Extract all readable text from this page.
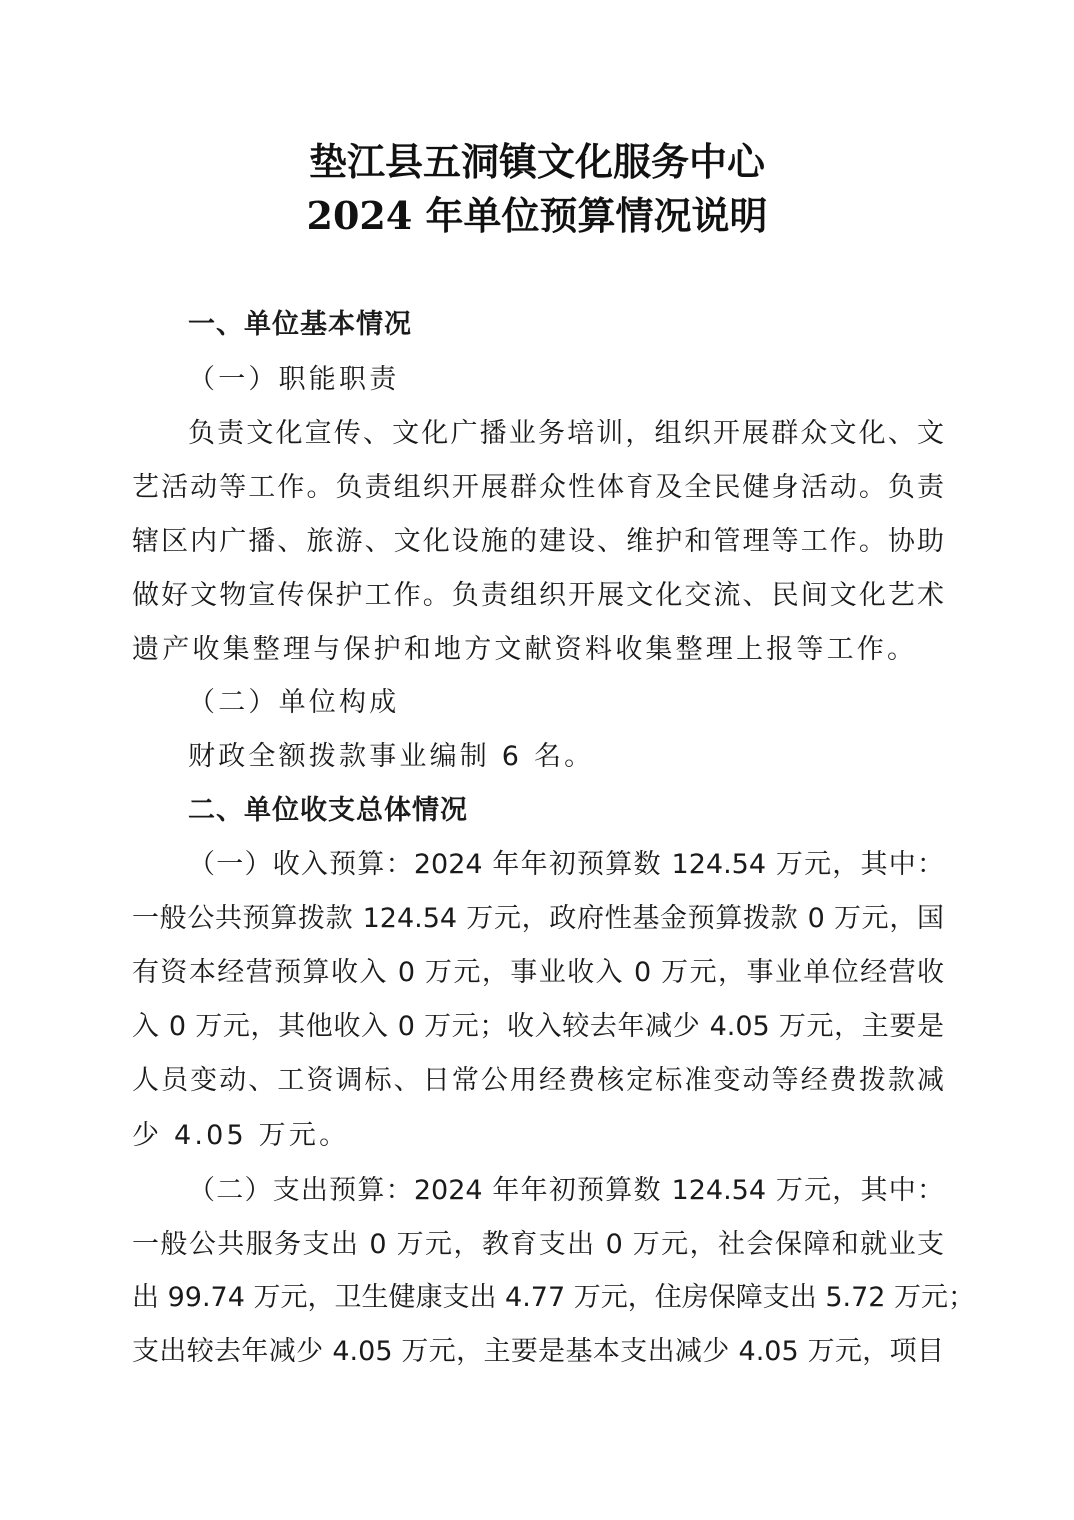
垫江县五洞镇文化服务中心
2024 年单位预算情况说明
一、单位基本情况
（一）职能职责
负责文化宣传、文化广播业务培训，组织开展群众文化、文
艺活动等工作。负责组织开展群众性体育及全民健身活动。负责
辖区内广播、旅游、文化设施的建设、维护和管理等工作。协助
做好文物宣传保护工作。负责组织开展文化交流、民间文化艺术
遗产收集整理与保护和地方文献资料收集整理上报等工作。
（二）单位构成
财政全额拨款事业编制 6 名。
二、单位收支总体情况
（一）收入预算：2024 年年初预算数 124.54 万元，其中：
一般公共预算拨款 124.54 万元，政府性基金预算拨款 0 万元，国
有资本经营预算收入 0 万元，事业收入 0 万元，事业单位经营收
入 0 万元，其他收入 0 万元；收入较去年减少 4.05 万元，主要是
人员变动、工资调标、日常公用经费核定标准变动等经费拨款减
少 4.05 万元。
（二）支出预算：2024 年年初预算数 124.54 万元，其中：
一般公共服务支出 0 万元，教育支出 0 万元，社会保障和就业支
出 99.74 万元，卫生健康支出 4.77 万元，住房保障支出 5.72 万元；
支出较去年减少 4.05 万元，主要是基本支出减少 4.05 万元，项目
